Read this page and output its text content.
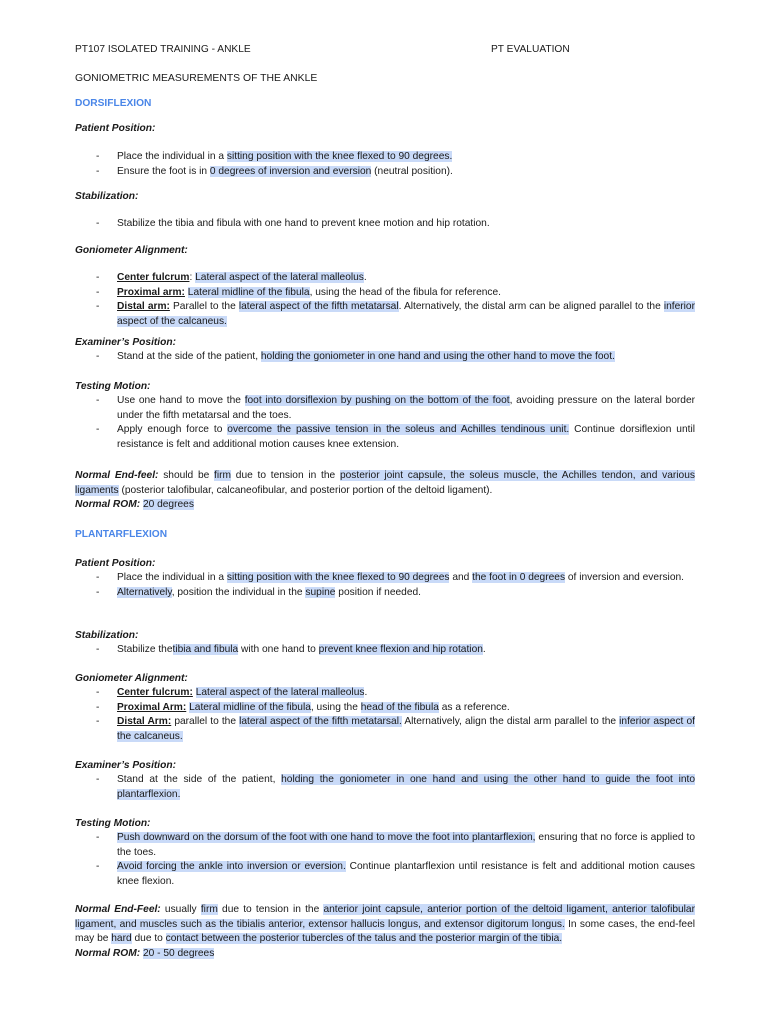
PT107 ISOLATED TRAINING - ANKLE	PT EVALUATION
GONIOMETRIC MEASUREMENTS OF THE ANKLE
DORSIFLEXION
Patient Position:
- Place the individual in a sitting position with the knee flexed to 90 degrees.
- Ensure the foot is in 0 degrees of inversion and eversion (neutral position).
Stabilization:
- Stabilize the tibia and fibula with one hand to prevent knee motion and hip rotation.
Goniometer Alignment:
- Center fulcrum: Lateral aspect of the lateral malleolus.
- Proximal arm: Lateral midline of the fibula, using the head of the fibula for reference.
- Distal arm: Parallel to the lateral aspect of the fifth metatarsal. Alternatively, the distal arm can be aligned parallel to the inferior aspect of the calcaneus.
Examiner’s Position:
- Stand at the side of the patient, holding the goniometer in one hand and using the other hand to move the foot.
Testing Motion:
- Use one hand to move the foot into dorsiflexion by pushing on the bottom of the foot, avoiding pressure on the lateral border under the fifth metatarsal and the toes.
- Apply enough force to overcome the passive tension in the soleus and Achilles tendinous unit. Continue dorsiflexion until resistance is felt and additional motion causes knee extension.

Normal End-feel: should be firm due to tension in the posterior joint capsule, the soleus muscle, the Achilles tendon, and various ligaments (posterior talofibular, calcaneofibular, and posterior portion of the deltoid ligament).

Normal ROM: 20 degrees

PLANTARFLEXION
Patient Position:
- Place the individual in a sitting position with the knee flexed to 90 degrees and the foot in 0 degrees of inversion and eversion.
- Alternatively, position the individual in the supine position if needed.
Stabilization:
- Stabilize thetibia and fibula with one hand to prevent knee flexion and hip rotation.
Goniometer Alignment:
- Center fulcrum: Lateral aspect of the lateral malleolus.
- Proximal Arm: Lateral midline of the fibula, using the head of the fibula as a reference.
- Distal Arm: parallel to the lateral aspect of the fifth metatarsal. Alternatively, align the distal arm parallel to the inferior aspect of the calcaneus.
Examiner’s Position:
- Stand at the side of the patient, holding the goniometer in one hand and using the other hand to guide the foot into plantarflexion.
Testing Motion:
- Push downward on the dorsum of the foot with one hand to move the foot into plantarflexion, ensuring that no force is applied to the toes.
- Avoid forcing the ankle into inversion or eversion. Continue plantarflexion until resistance is felt and additional motion causes knee flexion.

Normal End-Feel: usually firm due to tension in the anterior joint capsule, anterior portion of the deltoid ligament, anterior talofibular ligament, and muscles such as the tibialis anterior, extensor hallucis longus, and extensor digitorum longus. In some cases, the end-feel may be hard due to contact between the posterior tubercles of the talus and the posterior margin of the tibia.

Normal ROM: 20 - 50 degrees
